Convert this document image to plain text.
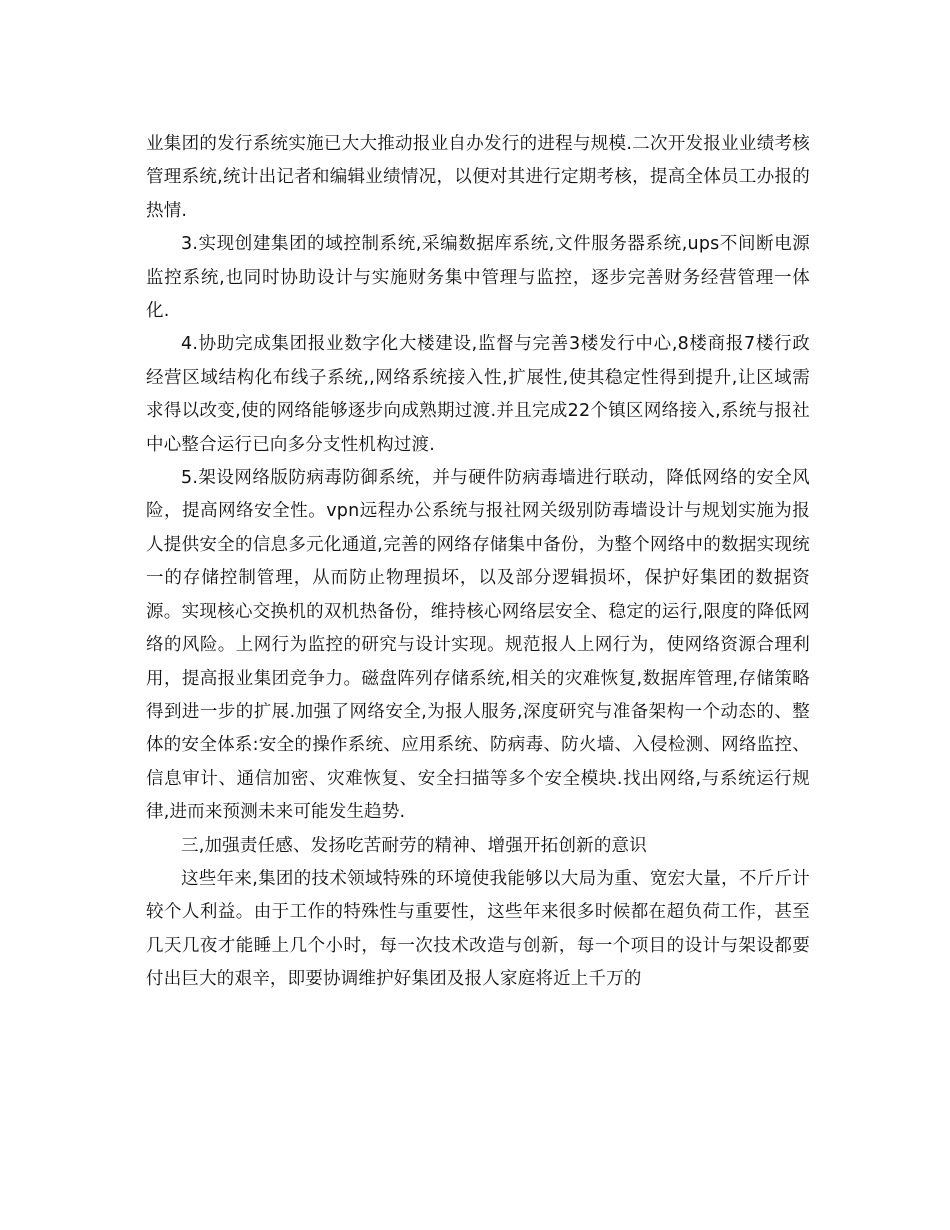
业集团的发行系统实施已大大推动报业自办发行的进程与规模.二次开发报业业绩考核管理系统,统计出记者和编辑业绩情况，以便对其进行定期考核，提高全体员工办报的热情.

3.实现创建集团的域控制系统,采编数据库系统,文件服务器系统,ups不间断电源监控系统,也同时协助设计与实施财务集中管理与监控，逐步完善财务经营管理一体化.

4.协助完成集团报业数字化大楼建设,监督与完善3楼发行中心,8楼商报7楼行政经营区域结构化布线子系统,,网络系统接入性,扩展性,使其稳定性得到提升,让区域需求得以改变,使的网络能够逐步向成熟期过渡.并且完成22个镇区网络接入,系统与报社中心整合运行已向多分支性机构过渡.

5.架设网络版防病毒防御系统，并与硬件防病毒墙进行联动，降低网络的安全风险，提高网络安全性。vpn远程办公系统与报社网关级别防毒墙设计与规划实施为报人提供安全的信息多元化通道,完善的网络存储集中备份，为整个网络中的数据实现统一的存储控制管理，从而防止物理损坏，以及部分逻辑损坏，保护好集团的数据资源。实现核心交换机的双机热备份，维持核心网络层安全、稳定的运行,限度的降低网络的风险。上网行为监控的研究与设计实现。规范报人上网行为，使网络资源合理利用，提高报业集团竞争力。磁盘阵列存储系统,相关的灾难恢复,数据库管理,存储策略得到进一步的扩展.加强了网络安全,为报人服务,深度研究与准备架构一个动态的、整体的安全体系:安全的操作系统、应用系统、防病毒、防火墙、入侵检测、网络监控、信息审计、通信加密、灾难恢复、安全扫描等多个安全模块.找出网络,与系统运行规律,进而来预测未来可能发生趋势.

三,加强责任感、发扬吃苦耐劳的精神、增强开拓创新的意识

这些年来,集团的技术领域特殊的环境使我能够以大局为重、宽宏大量，不斤斤计较个人利益。由于工作的特殊性与重要性，这些年来很多时候都在超负荷工作，甚至几天几夜才能睡上几个小时，每一次技术改造与创新，每一个项目的设计与架设都要付出巨大的艰辛，即要协调维护好集团及报人家庭将近上千万的
